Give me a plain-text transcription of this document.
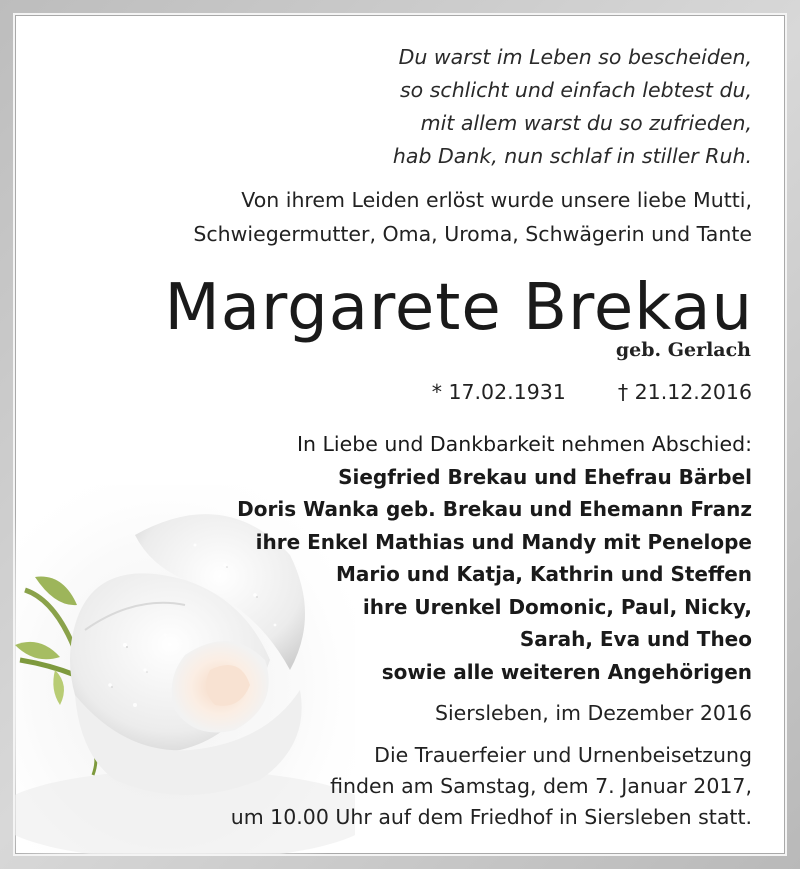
Du warst im Leben so bescheiden,
so schlicht und einfach lebtest du,
mit allem warst du so zufrieden,
hab Dank, nun schlaf in stiller Ruh.
Von ihrem Leiden erlöst wurde unsere liebe Mutti,
Schwiegermutter, Oma, Uroma, Schwägerin und Tante
Margarete Brekau
geb. Gerlach
* 17.02.1931	† 21.12.2016
In Liebe und Dankbarkeit nehmen Abschied:
Siegfried Brekau und Ehefrau Bärbel
Doris Wanka geb. Brekau und Ehemann Franz
ihre Enkel Mathias und Mandy mit Penelope
Mario und Katja, Kathrin und Steffen
ihre Urenkel Domonic, Paul, Nicky,
Sarah, Eva und Theo
sowie alle weiteren Angehörigen
Siersleben, im Dezember 2016
Die Trauerfeier und Urnenbeisetzung
finden am Samstag, dem 7. Januar 2017,
um 10.00 Uhr auf dem Friedhof in Siersleben statt.
